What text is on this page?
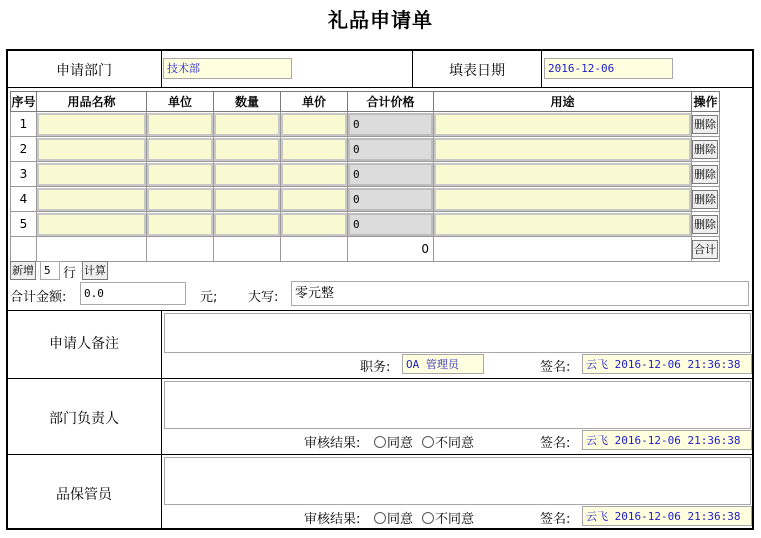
礼品申请单
申请部门	技术部	填表日期	2016-12-06
序号	用品名称	单位	数量	单价	合计价格	用途	操作
1					0		删除
2					0		删除
3					0		删除
4					0		删除
5					0		删除
					0		合计
新增 5 行 计算
合计金额:	0.0	元; 大写:	零元整
申请人备注
职务:	OA 管理员	签名:	云飞 2016-12-06 21:36:38
部门负责人
审核结果:	同意	不同意	签名:	云飞 2016-12-06 21:36:38
品保管员
审核结果:	同意	不同意	签名:	云飞 2016-12-06 21:36:38
